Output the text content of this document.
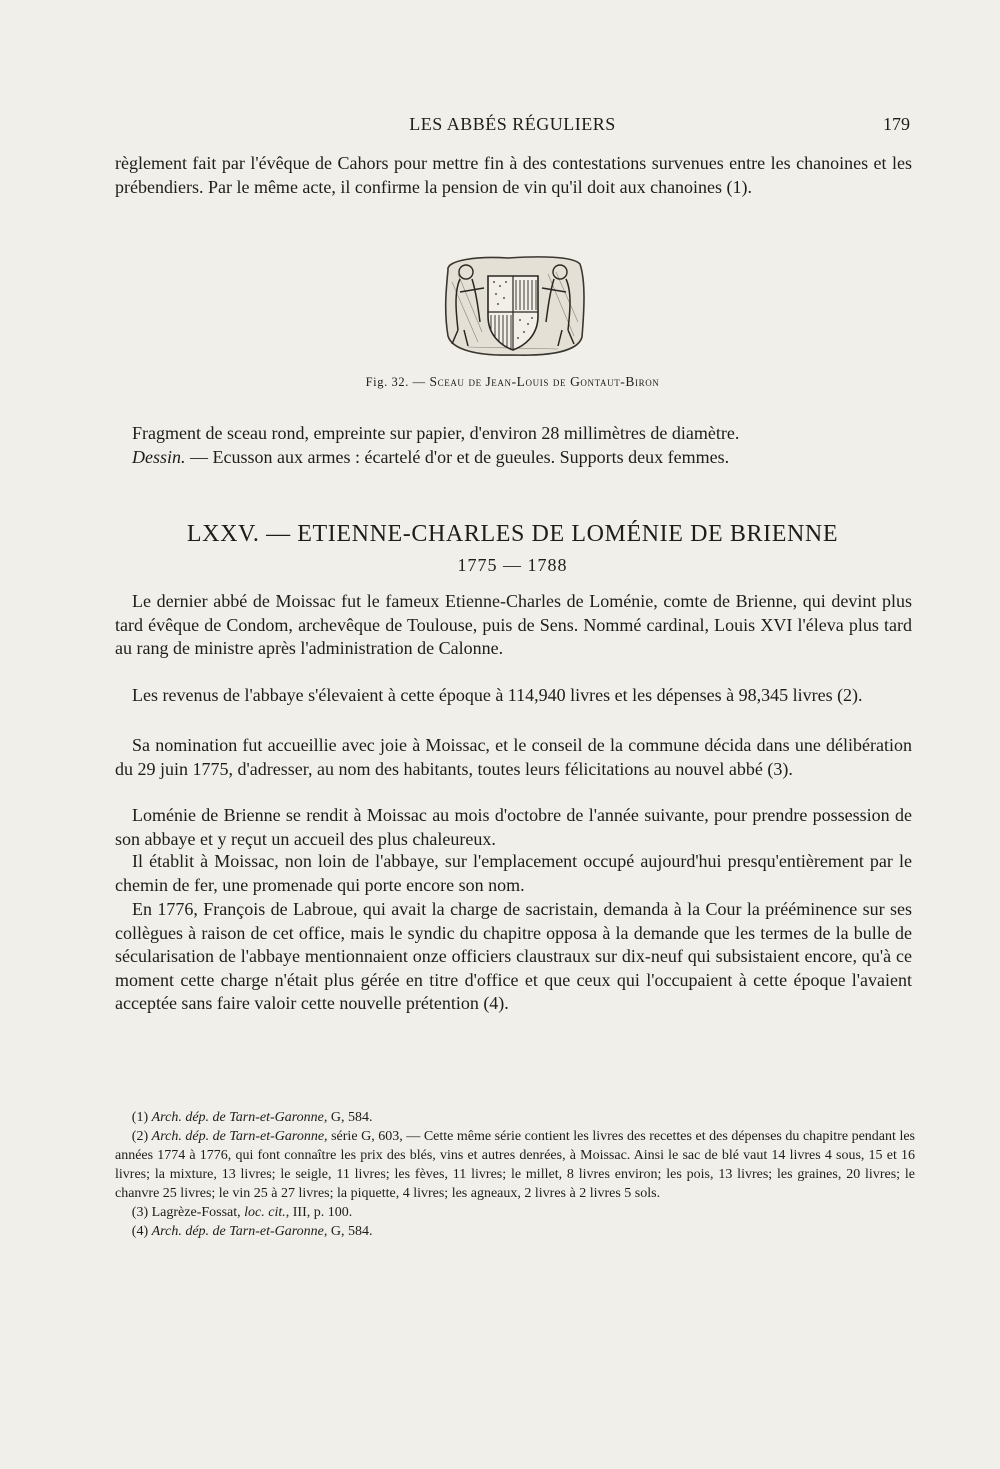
LES ABBÉS RÉGULIERS	179
règlement fait par l'évêque de Cahors pour mettre fin à des contestations survenues entre les chanoines et les prébendiers. Par le même acte, il confirme la pension de vin qu'il doit aux chanoines (1).
Fig. 32. — Sceau de Jean-Louis de Gontaut-Biron
Fragment de sceau rond, empreinte sur papier, d'environ 28 millimètres de diamètre.
Dessin. — Ecusson aux armes : écartelé d'or et de gueules. Supports deux femmes.
LXXV. — ETIENNE-CHARLES DE LOMÉNIE DE BRIENNE
1775 — 1788
Le dernier abbé de Moissac fut le fameux Etienne-Charles de Loménie, comte de Brienne, qui devint plus tard évêque de Condom, archevêque de Toulouse, puis de Sens. Nommé cardinal, Louis XVI l'éleva plus tard au rang de ministre après l'administration de Calonne.
Les revenus de l'abbaye s'élevaient à cette époque à 114,940 livres et les dépenses à 98,345 livres (2).
Sa nomination fut accueillie avec joie à Moissac, et le conseil de la commune décida dans une délibération du 29 juin 1775, d'adresser, au nom des habitants, toutes leurs félicitations au nouvel abbé (3).
Loménie de Brienne se rendit à Moissac au mois d'octobre de l'année suivante, pour prendre possession de son abbaye et y reçut un accueil des plus chaleureux.
Il établit à Moissac, non loin de l'abbaye, sur l'emplacement occupé aujourd'hui presqu'entièrement par le chemin de fer, une promenade qui porte encore son nom.
En 1776, François de Labroue, qui avait la charge de sacristain, demanda à la Cour la prééminence sur ses collègues à raison de cet office, mais le syndic du chapitre opposa à la demande que les termes de la bulle de sécularisation de l'abbaye mentionnaient onze officiers claustraux sur dix-neuf qui subsistaient encore, qu'à ce moment cette charge n'était plus gérée en titre d'office et que ceux qui l'occupaient à cette époque l'avaient acceptée sans faire valoir cette nouvelle prétention (4).
(1) Arch. dép. de Tarn-et-Garonne, G, 584.
(2) Arch. dép. de Tarn-et-Garonne, série G, 603, — Cette même série contient les livres des recettes et des dépenses du chapitre pendant les années 1774 à 1776, qui font connaître les prix des blés, vins et autres denrées, à Moissac. Ainsi le sac de blé vaut 14 livres 4 sous, 15 et 16 livres; la mixture, 13 livres; le seigle, 11 livres; les fèves, 11 livres; le millet, 8 livres environ; les pois, 13 livres; les graines, 20 livres; le chanvre 25 livres; le vin 25 à 27 livres; la piquette, 4 livres; les agneaux, 2 livres à 2 livres 5 sols.
(3) Lagrèze-Fossat, loc. cit., III, p. 100.
(4) Arch. dép. de Tarn-et-Garonne, G, 584.
